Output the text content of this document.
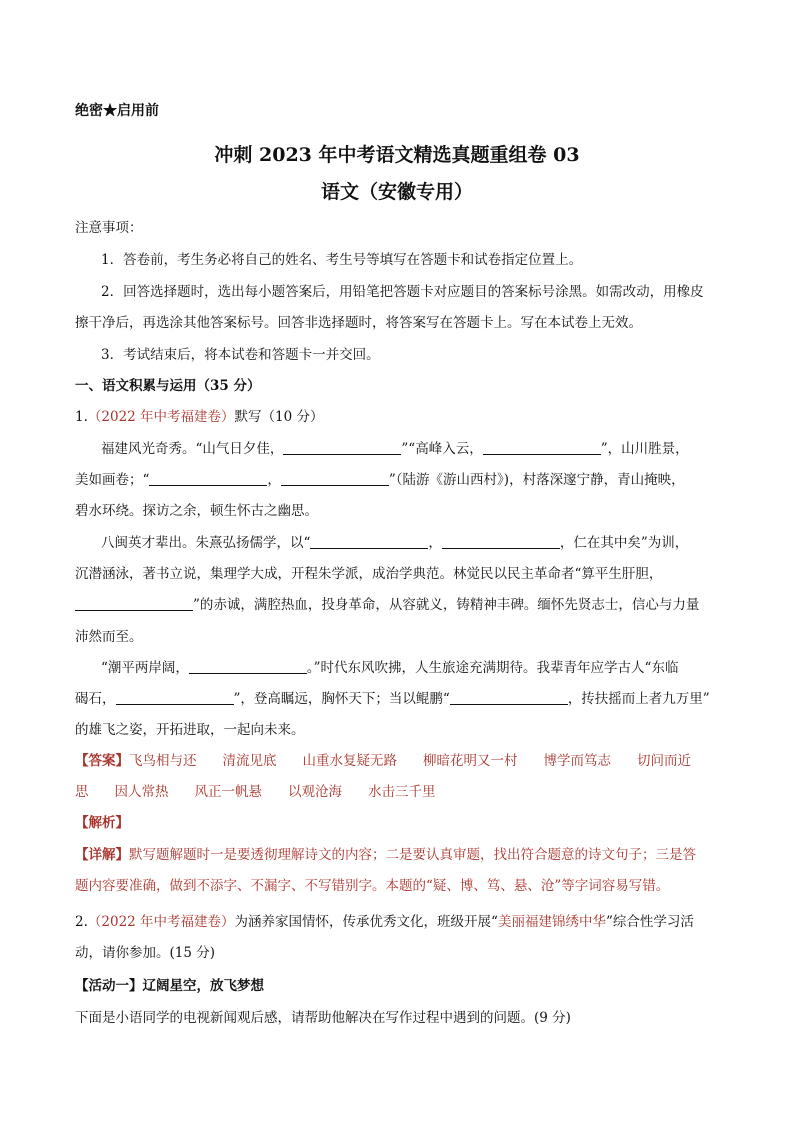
绝密★启用前
冲刺 2023 年中考语文精选真题重组卷 03
语文（安徽专用）
注意事项：
1．答卷前，考生务必将自己的姓名、考生号等填写在答题卡和试卷指定位置上。
2．回答选择题时，选出每小题答案后，用铅笔把答题卡对应题目的答案标号涂黑。如需改动，用橡皮
擦干净后，再选涂其他答案标号。回答非选择题时，将答案写在答题卡上。写在本试卷上无效。
3．考试结束后，将本试卷和答题卡一并交回。
一、语文积累与运用（35 分）
1.（2022 年中考福建卷）默写（10 分）
福建风光奇秀。“山气日夕佳，	”“高峰入云，	”，山川胜景，
美如画卷；“	，	”（陆游《游山西村》)，村落深邃宁静，青山掩映，
碧水环绕。探访之余，顿生怀古之幽思。
八闽英才辈出。朱熹弘扬儒学，以“	，	，仁在其中矣”为训，
沉潜涵泳，著书立说，集理学大成，开程朱学派，成治学典范。林觉民以民主革命者“算平生肝胆，
”的赤诚，满腔热血，投身革命，从容就义，铸精神丰碑。缅怀先贤志士，信心与力量
沛然而至。
“潮平两岸阔，	。”时代东风吹拂，人生旅途充满期待。我辈青年应学古人“东临
碣石，	”，登高瞩远，胸怀天下；当以鲲鹏“	，抟扶摇而上者九万里”
的雄飞之姿，开拓进取，一起向未来。
【答案】飞鸟相与还 清流见底 山重水复疑无路 柳暗花明又一村 博学而笃志 切问而近
思 因人常热 风正一帆悬 以观沧海 水击三千里
【解析】
【详解】默写题解题时一是要透彻理解诗文的内容；二是要认真审题，找出符合题意的诗文句子；三是答
题内容要准确，做到不添字、不漏字、不写错别字。本题的“疑、博、笃、悬、沧”等字词容易写错。
2.（2022 年中考福建卷）为涵养家国情怀，传承优秀文化，班级开展“美丽福建锦绣中华”综合性学习活
动，请你参加。(15 分)
【活动一】辽阔星空，放飞梦想
下面是小语同学的电视新闻观后感，请帮助他解决在写作过程中遇到的问题。(9 分)
